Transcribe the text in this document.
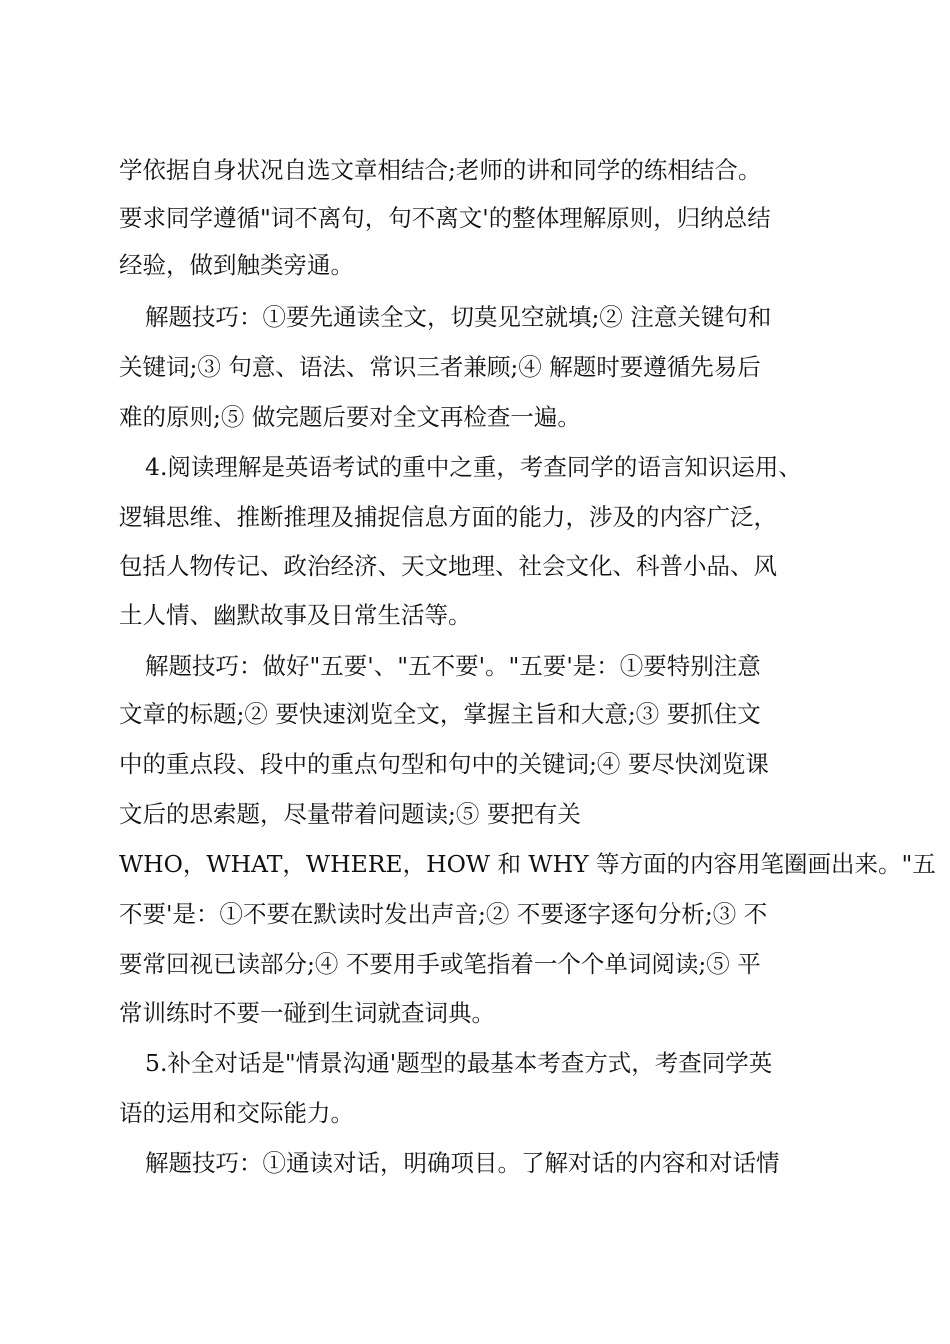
学依据自身状况自选文章相结合;老师的讲和同学的练相结合。
要求同学遵循"词不离句，句不离文'的整体理解原则，归纳总结
经验，做到触类旁通。
解题技巧：①要先通读全文，切莫见空就填;② 注意关键句和
关键词;③ 句意、语法、常识三者兼顾;④ 解题时要遵循先易后
难的原则;⑤ 做完题后要对全文再检查一遍。
4.阅读理解是英语考试的重中之重，考查同学的语言知识运用、
逻辑思维、推断推理及捕捉信息方面的能力，涉及的内容广泛，
包括人物传记、政治经济、天文地理、社会文化、科普小品、风
土人情、幽默故事及日常生活等。
解题技巧：做好"五要'、"五不要'。"五要'是：①要特别注意
文章的标题;② 要快速浏览全文，掌握主旨和大意;③ 要抓住文
中的重点段、段中的重点句型和句中的关键词;④ 要尽快浏览课
文后的思索题，尽量带着问题读;⑤ 要把有关
WHO，WHAT，WHERE，HOW 和 WHY 等方面的内容用笔圈画出来。"五
不要'是：①不要在默读时发出声音;② 不要逐字逐句分析;③ 不
要常回视已读部分;④ 不要用手或笔指着一个个单词阅读;⑤ 平
常训练时不要一碰到生词就查词典。
5.补全对话是"情景沟通'题型的最基本考查方式，考查同学英
语的运用和交际能力。
解题技巧：①通读对话，明确项目。了解对话的内容和对话情
